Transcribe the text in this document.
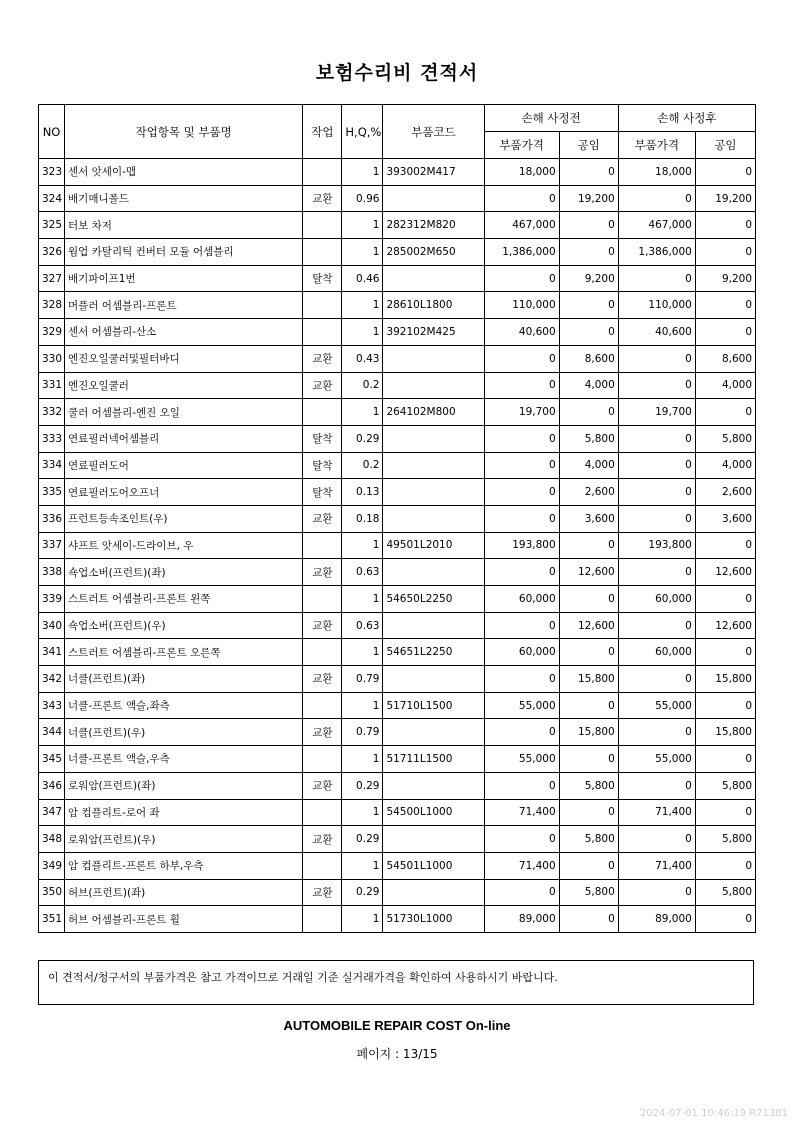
보험수리비 견적서
NO	작업항목 및 부품명	작업	H,Q,%	부품코드	손해 사정전		손해 사정후	
					부품가격	공임	부품가격	공임
323	센서 앗세이-맵		1	393002M417	18,000	0	18,000	0
324	배기매니폴드	교환	0.96		0	19,200	0	19,200
325	터보 차저		1	282312M820	467,000	0	467,000	0
326	웜업 카탈리틱 컨버터 모듈 어셈블리		1	285002M650	1,386,000	0	1,386,000	0
327	배기파이프1번	탈착	0.46		0	9,200	0	9,200
328	머플러 어셈블리-프론트		1	28610L1800	110,000	0	110,000	0
329	센서 어셈블리-산소		1	392102M425	40,600	0	40,600	0
330	엔진오일쿨러및필터바디	교환	0.43		0	8,600	0	8,600
331	엔진오일쿨러	교환	0.2		0	4,000	0	4,000
332	쿨러 어셈블리-엔진 오일		1	264102M800	19,700	0	19,700	0
333	연료필러넥어셈블리	탈착	0.29		0	5,800	0	5,800
334	연료필러도어	탈착	0.2		0	4,000	0	4,000
335	연료필러도어오프너	탈착	0.13		0	2,600	0	2,600
336	프런트등속조인트(우)	교환	0.18		0	3,600	0	3,600
337	샤프트 앗세이-드라이브, 우		1	49501L2010	193,800	0	193,800	0
338	쇽업소버(프런트)(좌)	교환	0.63		0	12,600	0	12,600
339	스트러트 어셈블리-프론트 왼쪽		1	54650L2250	60,000	0	60,000	0
340	쇽업소버(프런트)(우)	교환	0.63		0	12,600	0	12,600
341	스트러트 어셈블리-프론트 오른쪽		1	54651L2250	60,000	0	60,000	0
342	너클(프런트)(좌)	교환	0.79		0	15,800	0	15,800
343	너클-프론트 액슬,좌측		1	51710L1500	55,000	0	55,000	0
344	너클(프런트)(우)	교환	0.79		0	15,800	0	15,800
345	너클-프론트 액슬,우측		1	51711L1500	55,000	0	55,000	0
346	로워암(프런트)(좌)	교환	0.29		0	5,800	0	5,800
347	암 컴플리트-로어 좌		1	54500L1000	71,400	0	71,400	0
348	로워암(프런트)(우)	교환	0.29		0	5,800	0	5,800
349	암 컴플리트-프론트 하부,우측		1	54501L1000	71,400	0	71,400	0
350	허브(프런트)(좌)	교환	0.29		0	5,800	0	5,800
351	허브 어셈블리-프론트 휠		1	51730L1000	89,000	0	89,000	0
이 견적서/청구서의 부품가격은 참고 가격이므로 거래일 기준 실거래가격을 확인하여 사용하시기 바랍니다.
AUTOMOBILE REPAIR COST On-line
페이지 : 13/15
2024-07-01 10:46:19 R71381
